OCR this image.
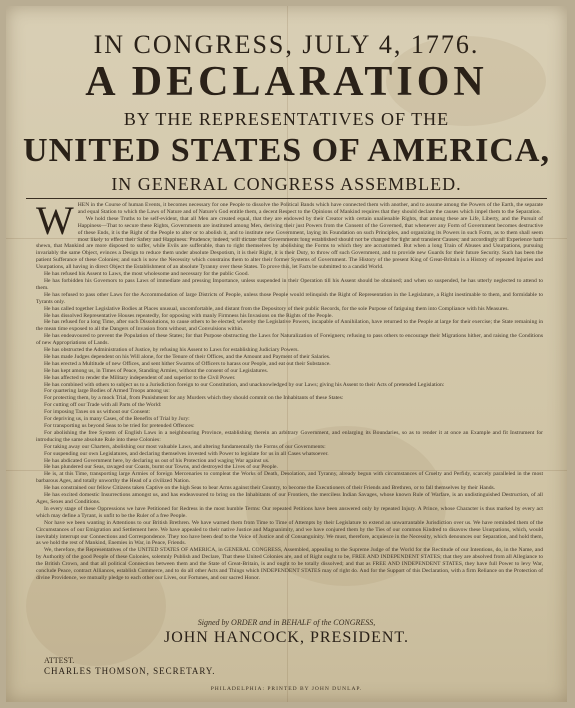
IN CONGRESS, JULY 4, 1776.
A DECLARATION
BY THE REPRESENTATIVES OF THE
UNITED STATES OF AMERICA,
IN GENERAL CONGRESS ASSEMBLED.
W HEN in the Course of human Events, it becomes necessary for one People to dissolve the Political Bands which have connected them with another, and to assume among the Powers of the Earth, the separate and equal Station to which the Laws of Nature and of Nature's God entitle them, a decent Respect to the Opinions of Mankind requires that they should declare the causes which impel them to the Separation.

We hold these Truths to be self-evident, that all Men are created equal, that they are endowed by their Creator with certain unalienable Rights, that among these are Life, Liberty, and the Pursuit of Happiness—That to secure these Rights, Governments are instituted among Men, deriving their just Powers from the Consent of the Governed, that whenever any Form of Government becomes destructive of these Ends, it is the Right of the People to alter or to abolish it, and to institute new Government, laying its Foundation on such Principles, and organizing its Powers in such Form, as to them shall seem most likely to effect their Safety and Happiness. Prudence, indeed, will dictate that Governments long established should not be changed for light and transient Causes; and accordingly all Experience hath shewn, that Mankind are more disposed to suffer, while Evils are sufferable, than to right themselves by abolishing the Forms to which they are accustomed. But when a long Train of Abuses and Usurpations, pursuing invariably the same Object, evinces a Design to reduce them under absolute Despotism, it is their Right, it is their Duty, to throw off such Government, and to provide new Guards for their future Security. Such has been the patient Sufferance of these Colonies; and such is now the Necessity which constrains them to alter their former Systems of Government. The History of the present King of Great-Britain is a History of repeated Injuries and Usurpations, all having in direct Object the Establishment of an absolute Tyranny over these States. To prove this, let Facts be submitted to a candid World.

He has refused his Assent to Laws, the most wholesome and necessary for the public Good.

He has forbidden his Governors to pass Laws of immediate and pressing Importance, unless suspended in their Operation till his Assent should be obtained; and when so suspended, he has utterly neglected to attend to them.

He has refused to pass other Laws for the Accommodation of large Districts of People, unless those People would relinquish the Right of Representation in the Legislature, a Right inestimable to them, and formidable to Tyrants only.

He has called together Legislative Bodies at Places unusual, uncomfortable, and distant from the Depository of their public Records, for the sole Purpose of fatiguing them into Compliance with his Measures.

He has dissolved Representative Houses repeatedly, for opposing with manly Firmness his Invasions on the Rights of the People.

He has refused for a long Time, after such Dissolutions, to cause others to be elected; whereby the Legislative Powers, incapable of Annihilation, have returned to the People at large for their exercise; the State remaining in the mean time exposed to all the Dangers of Invasion from without, and Convulsions within.

He has endeavoured to prevent the Population of these States; for that Purpose obstructing the Laws for Naturalization of Foreigners; refusing to pass others to encourage their Migrations hither, and raising the Conditions of new Appropriations of Lands.

He has obstructed the Administration of Justice, by refusing his Assent to Laws for establishing Judiciary Powers.

He has made Judges dependent on his Will alone, for the Tenure of their Offices, and the Amount and Payment of their Salaries.

He has erected a Multitude of new Offices, and sent hither Swarms of Officers to harass our People, and eat out their Substance.

He has kept among us, in Times of Peace, Standing Armies, without the consent of our Legislatures.

He has affected to render the Military independent of and superior to the Civil Power.

He has combined with others to subject us to a Jurisdiction foreign to our Constitution, and unacknowledged by our Laws; giving his Assent to their Acts of pretended Legislation:

For quartering large Bodies of Armed Troops among us:

For protecting them, by a mock Trial, from Punishment for any Murders which they should commit on the Inhabitants of these States:

For cutting off our Trade with all Parts of the World:

For imposing Taxes on us without our Consent:

For depriving us, in many Cases, of the Benefits of Trial by Jury:

For transporting us beyond Seas to be tried for pretended Offences:

For abolishing the free System of English Laws in a neighbouring Province, establishing therein an arbitrary Government, and enlarging its Boundaries, so as to render it at once an Example and fit Instrument for introducing the same absolute Rule into these Colonies:

For taking away our Charters, abolishing our most valuable Laws, and altering fundamentally the Forms of our Governments:

For suspending our own Legislatures, and declaring themselves invested with Power to legislate for us in all Cases whatsoever.

He has abdicated Government here, by declaring us out of his Protection and waging War against us.

He has plundered our Seas, ravaged our Coasts, burnt our Towns, and destroyed the Lives of our People.

He is, at this Time, transporting large Armies of foreign Mercenaries to compleat the Works of Death, Desolation, and Tyranny, already begun with circumstances of Cruelty and Perfidy, scarcely paralleled in the most barbarous Ages, and totally unworthy the Head of a civilized Nation.

He has constrained our fellow Citizens taken Captive on the high Seas to bear Arms against their Country, to become the Executioners of their Friends and Brethren, or to fall themselves by their Hands.

He has excited domestic Insurrections amongst us, and has endeavoured to bring on the Inhabitants of our Frontiers, the merciless Indian Savages, whose known Rule of Warfare, is an undistinguished Destruction, of all Ages, Sexes and Conditions.

In every stage of these Oppressions we have Petitioned for Redress in the most humble Terms: Our repeated Petitions have been answered only by repeated Injury. A Prince, whose Character is thus marked by every act which may define a Tyrant, is unfit to be the Ruler of a free People.

Nor have we been wanting in Attentions to our British Brethren. We have warned them from Time to Time of Attempts by their Legislature to extend an unwarrantable Jurisdiction over us. We have reminded them of the Circumstances of our Emigration and Settlement here. We have appealed to their native Justice and Magnanimity, and we have conjured them by the Ties of our common Kindred to disavow these Usurpations, which, would inevitably interrupt our Connections and Correspondence. They too have been deaf to the Voice of Justice and of Consanguinity. We must, therefore, acquiesce in the Necessity, which denounces our Separation, and hold them, as we hold the rest of Mankind, Enemies in War, in Peace, Friends.

We, therefore, the Representatives of the UNITED STATES OF AMERICA, in GENERAL CONGRESS, Assembled, appealing to the Supreme Judge of the World for the Rectitude of our Intentions, do, in the Name, and by Authority of the good People of these Colonies, solemnly Publish and Declare, That these United Colonies are, and of Right ought to be, FREE AND INDEPENDENT STATES; that they are absolved from all Allegiance to the British Crown, and that all political Connection between them and the State of Great-Britain, is and ought to be totally dissolved; and that as FREE AND INDEPENDENT STATES, they have full Power to levy War, conclude Peace, contract Alliances, establish Commerce, and to do all other Acts and Things which INDEPENDENT STATES may of right do. And for the Support of this Declaration, with a firm Reliance on the Protection of divine Providence, we mutually pledge to each other our Lives, our Fortunes, and our sacred Honor.

Signed by ORDER and in BEHALF of the CONGRESS,
JOHN HANCOCK, PRESIDENT.
ATTEST.
CHARLES THOMSON, SECRETARY.
PHILADELPHIA: PRINTED BY JOHN DUNLAP.
